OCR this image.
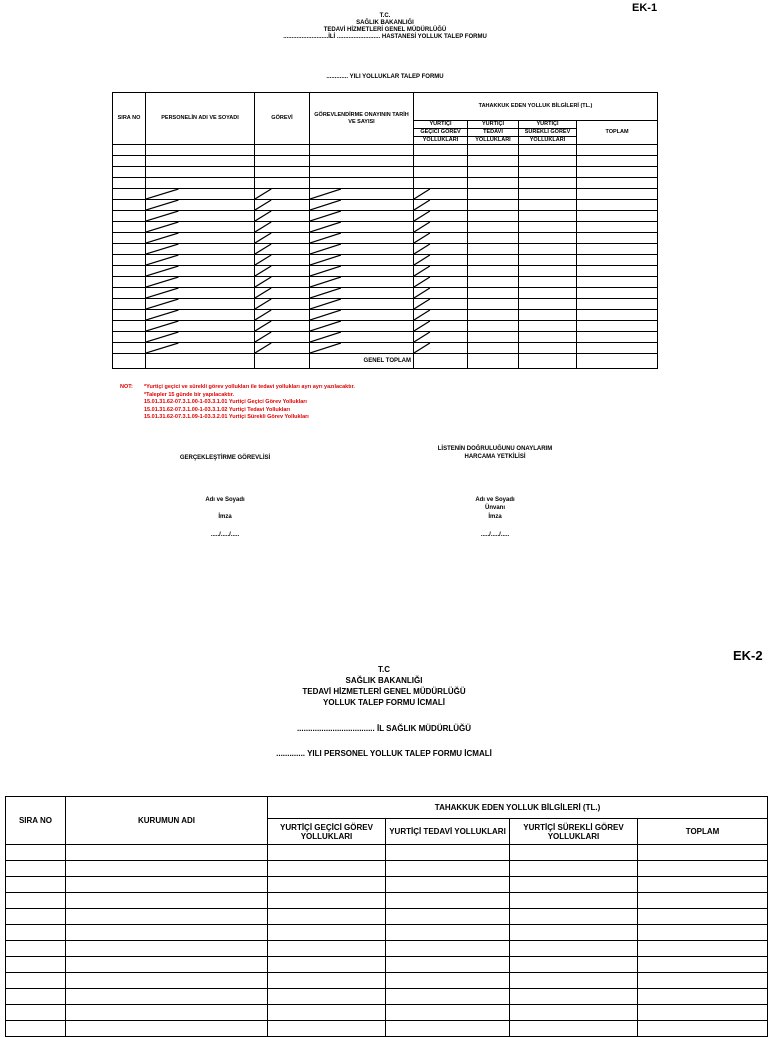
EK-1
T.C.
SAĞLIK BAKANLIĞI
TEDAVİ HİZMETLERİ GENEL MÜDÜRLÜĞÜ
...........................İLİ .......................... HASTANESİ YOLLUK TALEP FORMU
............. YILI YOLLUKLAR TALEP FORMU
SIRA NO	PERSONELİN ADI VE SOYADI	GÖREVİ	GÖREVLENDİRME ONAYININ TARİH VE SAYISI	TAHAKKUK EDEN YOLLUK BİLGİLERİ (TL.)			
				YURTİÇİ	YURTİÇİ	YURTİÇİ	TOPLAM
				GEÇİCİ GÖREV	TEDAVİ	SÜREKLİ GÖREV	
				YOLLUKLARI	YOLLUKLARI	YOLLUKLARI	

			GENEL TOPLAM				
NOT: *Yurtiçi geçici ve sürekli görev yollukları ile tedavi yollukları ayrı ayrı yazılacaktır.
*Talepler 15 günde bir yapılacaktır.
15.01.31.62-07.3.1.00-1-03.3.1.01 Yurtiçi Geçici Görev Yollukları
15.01.31.62-07.3.1.00-1-03.3.1.02 Yurtiçi Tedavi Yollukları
15.01.31.62-07.3.1.09-1-03.3.2.01 Yurtiçi Sürekli Görev Yollukları
GERÇEKLEŞTİRME GÖREVLİSİ
Adı ve Soyadı
İmza
...../...../.....
LİSTENİN DOĞRULUĞUNU ONAYLARIM
HARCAMA YETKİLİSİ
Adı ve Soyadı
Ünvanı
İmza
...../...../.....
EK-2
T.C
SAĞLIK BAKANLIĞI
TEDAVİ HİZMETLERİ GENEL MÜDÜRLÜĞÜ
YOLLUK TALEP FORMU İCMALİ
................................... İL SAĞLIK MÜDÜRLÜĞÜ
............. YILI PERSONEL YOLLUK TALEP FORMU İCMALİ
SIRA NO	KURUMUN ADI	TAHAKKUK EDEN YOLLUK BİLGİLERİ (TL.)			
		YURTİÇİ GEÇİCİ GÖREV YOLLUKLARI	YURTİÇİ TEDAVİ YOLLUKLARI	YURTİÇİ SÜREKLİ GÖREV YOLLUKLARI	TOPLAM
